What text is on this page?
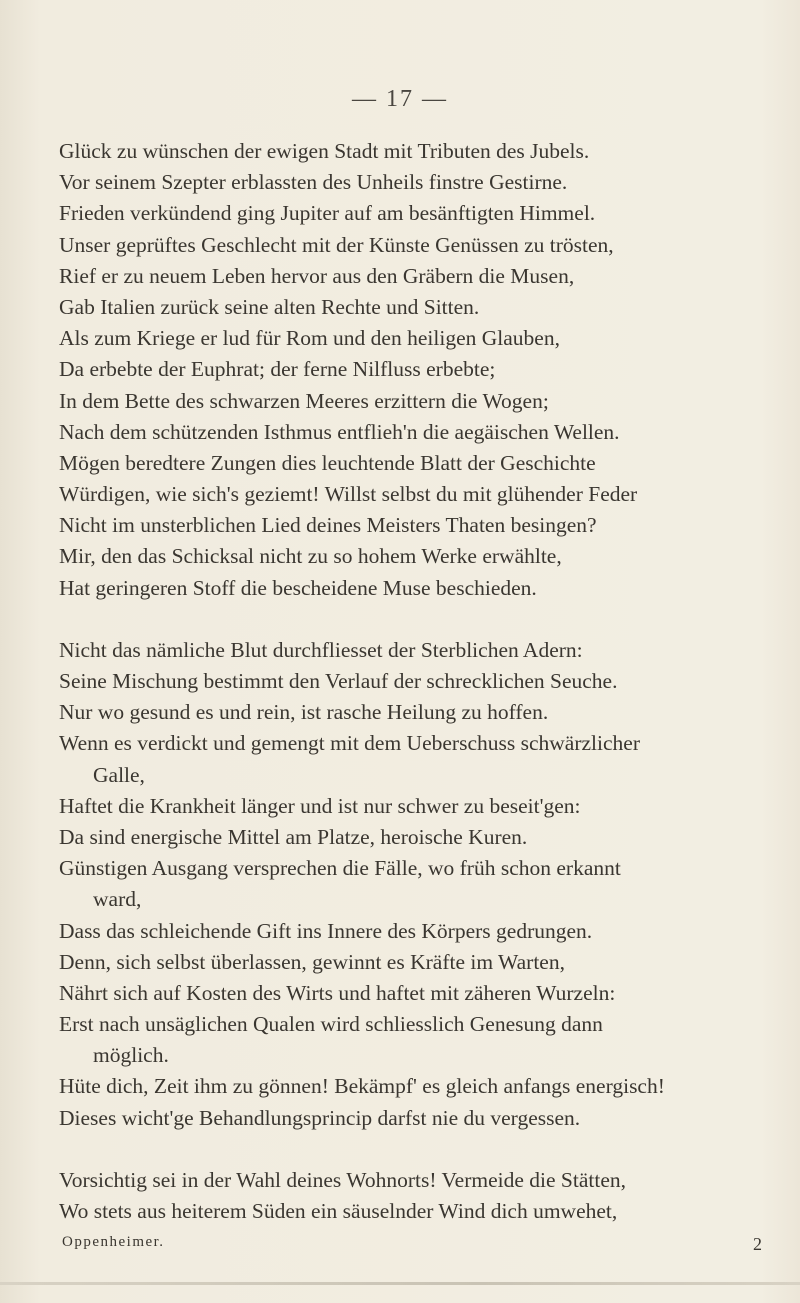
— 17 —
Glück zu wünschen der ewigen Stadt mit Tributen des Jubels.
Vor seinem Szepter erblassten des Unheils finstre Gestirne.
Frieden verkündend ging Jupiter auf am besänftigten Himmel.
Unser geprüftes Geschlecht mit der Künste Genüssen zu trösten,
Rief er zu neuem Leben hervor aus den Gräbern die Musen,
Gab Italien zurück seine alten Rechte und Sitten.
Als zum Kriege er lud für Rom und den heiligen Glauben,
Da erbebte der Euphrat; der ferne Nilfluss erbebte;
In dem Bette des schwarzen Meeres erzittern die Wogen;
Nach dem schützenden Isthmus entflieh'n die aegäischen Wellen.
Mögen beredtere Zungen dies leuchtende Blatt der Geschichte
Würdigen, wie sich's geziemt! Willst selbst du mit glühender Feder
Nicht im unsterblichen Lied deines Meisters Thaten besingen?
Mir, den das Schicksal nicht zu so hohem Werke erwählte,
Hat geringeren Stoff die bescheidene Muse beschieden.
Nicht das nämliche Blut durchfliesset der Sterblichen Adern:
Seine Mischung bestimmt den Verlauf der schrecklichen Seuche.
Nur wo gesund es und rein, ist rasche Heilung zu hoffen.
Wenn es verdickt und gemengt mit dem Ueberschuss schwärzlicher
Galle,
Haftet die Krankheit länger und ist nur schwer zu beseit'gen:
Da sind energische Mittel am Platze, heroische Kuren.
Günstigen Ausgang versprechen die Fälle, wo früh schon erkannt
ward,
Dass das schleichende Gift ins Innere des Körpers gedrungen.
Denn, sich selbst überlassen, gewinnt es Kräfte im Warten,
Nährt sich auf Kosten des Wirts und haftet mit zäheren Wurzeln:
Erst nach unsäglichen Qualen wird schliesslich Genesung dann
möglich.
Hüte dich, Zeit ihm zu gönnen! Bekämpf' es gleich anfangs energisch!
Dieses wicht'ge Behandlungsprincip darfst nie du vergessen.
Vorsichtig sei in der Wahl deines Wohnorts! Vermeide die Stätten,
Wo stets aus heiterem Süden ein säuselnder Wind dich umwehet,
Oppenheimer.	2
